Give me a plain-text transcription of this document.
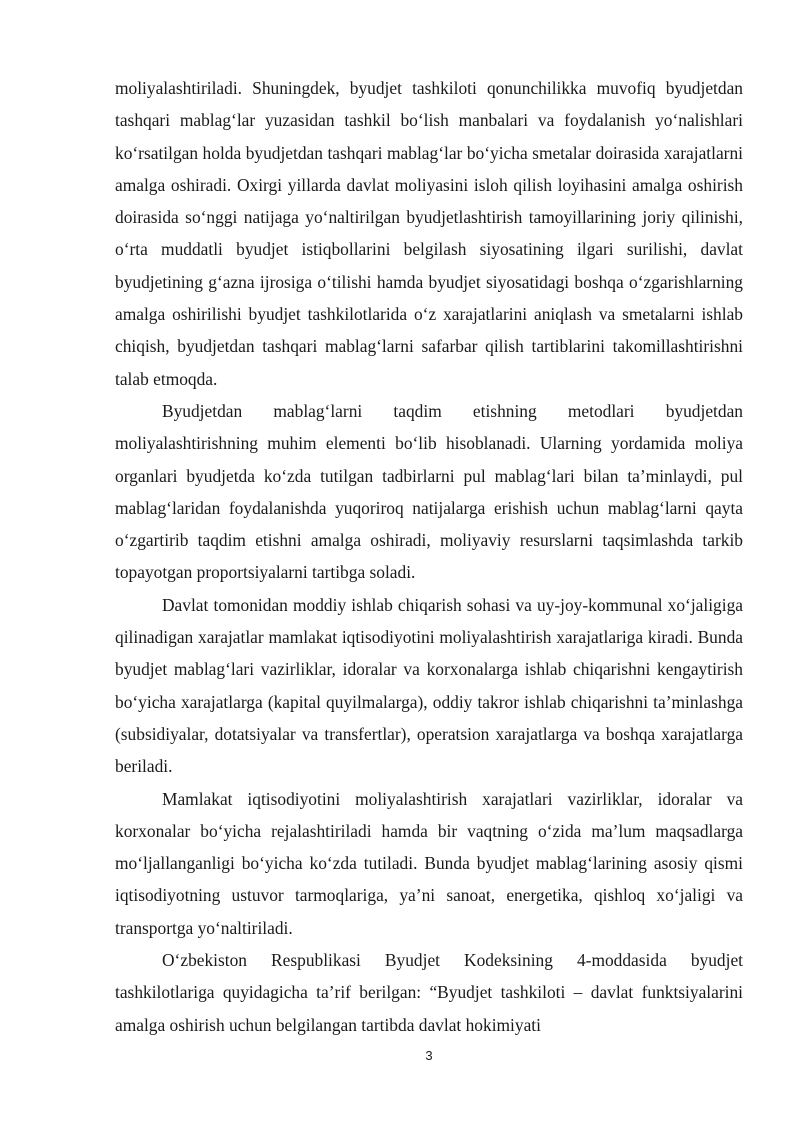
moliyalashtiriladi. Shuningdek, byudjet tashkiloti qonunchilikka muvofiq byudjetdan tashqari mablag‘lar yuzasidan tashkil bo‘lish manbalari va foydalanish yo‘nalishlari ko‘rsatilgan holda byudjetdan tashqari mablag‘lar bo‘yicha smetalar doirasida xarajatlarni amalga oshiradi. Oxirgi yillarda davlat moliyasini isloh qilish loyihasini amalga oshirish doirasida so‘nggi natijaga yo‘naltirilgan byudjetlashtirish tamoyillarining joriy qilinishi, o‘rta muddatli byudjet istiqbollarini belgilash siyosatining ilgari surilishi, davlat byudjetining g‘azna ijrosiga o‘tilishi hamda byudjet siyosatidagi boshqa o‘zgarishlarning amalga oshirilishi byudjet tashkilotlarida o‘z xarajatlarini aniqlash va smetalarni ishlab chiqish, byudjetdan tashqari mablag‘larni safarbar qilish tartiblarini takomillashtirishni talab etmoqda.

Byudjetdan mablag‘larni taqdim etishning metodlari byudjetdan moliyalashtirishning muhim elementi bo‘lib hisoblanadi. Ularning yordamida moliya organlari byudjetda ko‘zda tutilgan tadbirlarni pul mablag‘lari bilan ta’minlaydi, pul mablag‘laridan foydalanishda yuqoriroq natijalarga erishish uchun mablag‘larni qayta o‘zgartirib taqdim etishni amalga oshiradi, moliyaviy resurslarni taqsimlashda tarkib topayotgan proportsiyalarni tartibga soladi.

Davlat tomonidan moddiy ishlab chiqarish sohasi va uy-joy-kommunal xo‘jaligiga qilinadigan xarajatlar mamlakat iqtisodiyotini moliyalashtirish xarajatlariga kiradi. Bunda byudjet mablag‘lari vazirliklar, idoralar va korxonalarga ishlab chiqarishni kengaytirish bo‘yicha xarajatlarga (kapital quyilmalarga), oddiy takror ishlab chiqarishni ta’minlashga (subsidiyalar, dotatsiyalar va transfertlar), operatsion xarajatlarga va boshqa xarajatlarga beriladi.

Mamlakat iqtisodiyotini moliyalashtirish xarajatlari vazirliklar, idoralar va korxonalar bo‘yicha rejalashtiriladi hamda bir vaqtning o‘zida ma’lum maqsadlarga mo‘ljallanganligi bo‘yicha ko‘zda tutiladi. Bunda byudjet mablag‘larining asosiy qismi iqtisodiyotning ustuvor tarmoqlariga, ya’ni sanoat, energetika, qishloq xo‘jaligi va transportga yo‘naltiriladi.

O‘zbekiston Respublikasi Byudjet Kodeksining 4-moddasida byudjet tashkilotlariga quyidagicha ta’rif berilgan: “Byudjet tashkiloti – davlat funktsiyalarini amalga oshirish uchun belgilangan tartibda davlat hokimiyati

3
